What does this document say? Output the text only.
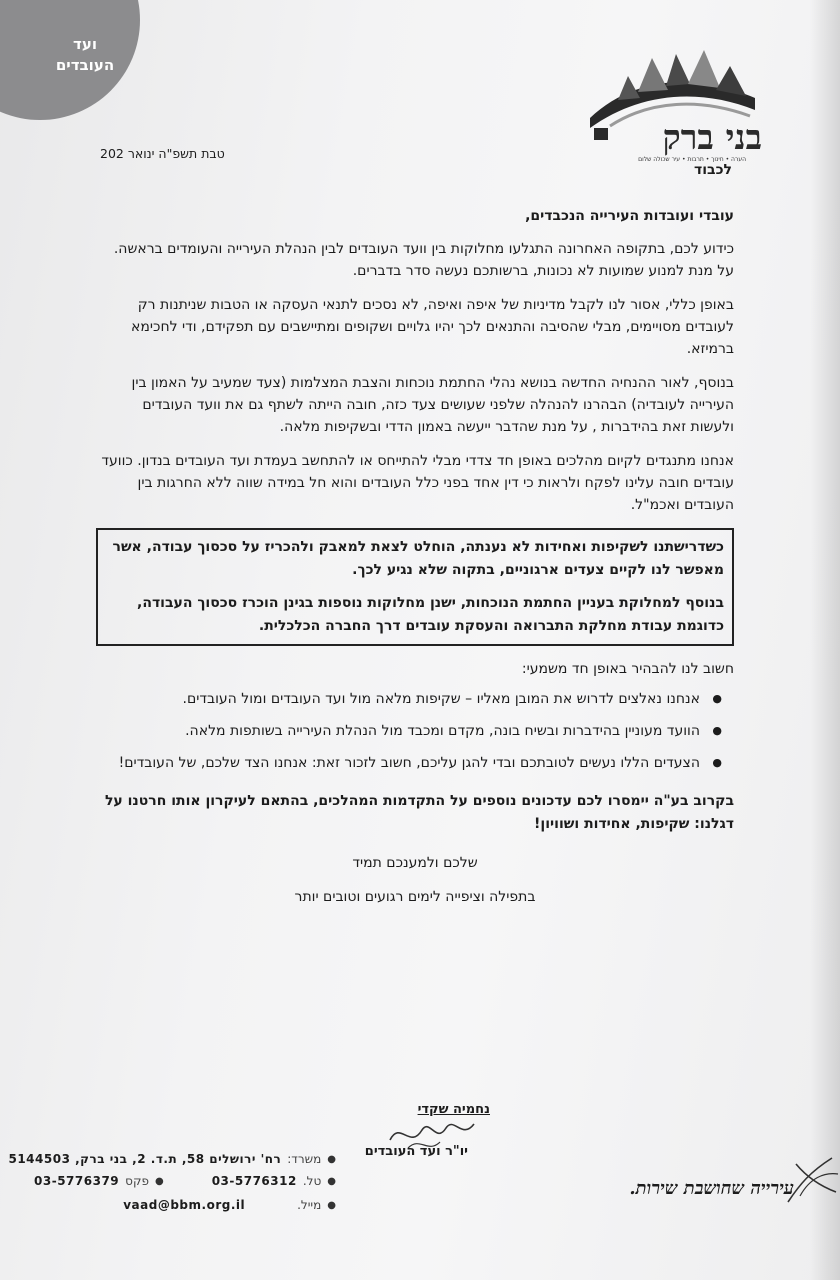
ועד
העובדים
בני ברק
הערה • חינוך • תרבות • עיר שכולה שלום
טבת תשפ"ה ינואר 202
לכבוד

עובדי ועובדות העירייה הנכבדים,

כידוע לכם, בתקופה האחרונה התגלעו מחלוקות בין וועד העובדים לבין הנהלת העירייה והעומדים בראשה. על מנת למנוע שמועות לא נכונות, ברשותכם נעשה סדר בדברים.

באופן כללי, אסור לנו לקבל מדיניות של איפה ואיפה, לא נסכים לתנאי העסקה או הטבות שניתנות רק לעובדים מסויימים, מבלי שהסיבה והתנאים לכך יהיו גלויים ושקופים ומתיישבים עם תפקידם, ודי לחכימא ברמיזא.

בנוסף, לאור ההנחיה החדשה בנושא נהלי החתמת נוכחות והצבת המצלמות (צעד שמעיב על האמון בין העירייה לעובדיה) הבהרנו להנהלה שלפני שעושים צעד כזה, חובה הייתה לשתף גם את וועד העובדים ולעשות זאת בהידברות , על מנת שהדבר ייעשה באמון הדדי ובשקיפות מלאה.

אנחנו מתנגדים לקיום מהלכים באופן חד צדדי מבלי להתייחס או להתחשב בעמדת ועד העובדים בנדון. כוועד עובדים חובה עלינו לפקח ולראות כי דין אחד בפני כלל העובדים והוא חל במידה שווה ללא החרגות בין העובדים ואכמ"ל.

כשדרישתנו לשקיפות ואחידות לא נענתה, הוחלט לצאת למאבק ולהכריז על סכסוך עבודה, אשר מאפשר לנו לקיים צעדים ארגוניים, בתקוה שלא נגיע לכך.

בנוסף למחלוקת בעניין החתמת הנוכחות, ישנן מחלוקות נוספות בגינן הוכרז סכסוך העבודה, כדוגמת עבודת מחלקת התברואה והעסקת עובדים דרך החברה הכלכלית.

חשוב לנו להבהיר באופן חד משמעי:

● אנחנו נאלצים לדרוש את המובן מאליו – שקיפות מלאה מול ועד העובדים ומול העובדים.
● הוועד מעוניין בהידברות ובשיח בונה, מקדם ומכבד מול הנהלת העירייה בשותפות מלאה.
● הצעדים הללו נעשים לטובתכם ובדי להגן עליכם, חשוב לזכור זאת: אנחנו הצד שלכם, של העובדים!

בקרוב בע"ה יימסרו לכם עדכונים נוספים על התקדמות המהלכים, בהתאם לעיקרון אותו חרטנו על דגלנו: שקיפות, אחידות ושוויון!

שלכם ולמענכם תמיד

בתפילה וציפייה לימים רגועים וטובים יותר

נחמיה שקדי
יו"ר ועד העובדים
●
משרד:
רח' ירושלים 58, ת.ד. 2, בני ברק, 5144503
●
טל.
03-5776312
●
פקס
03-5776379
●
מייל.
vaad@bbm.org.il
עירייה שחושבת שירות.
